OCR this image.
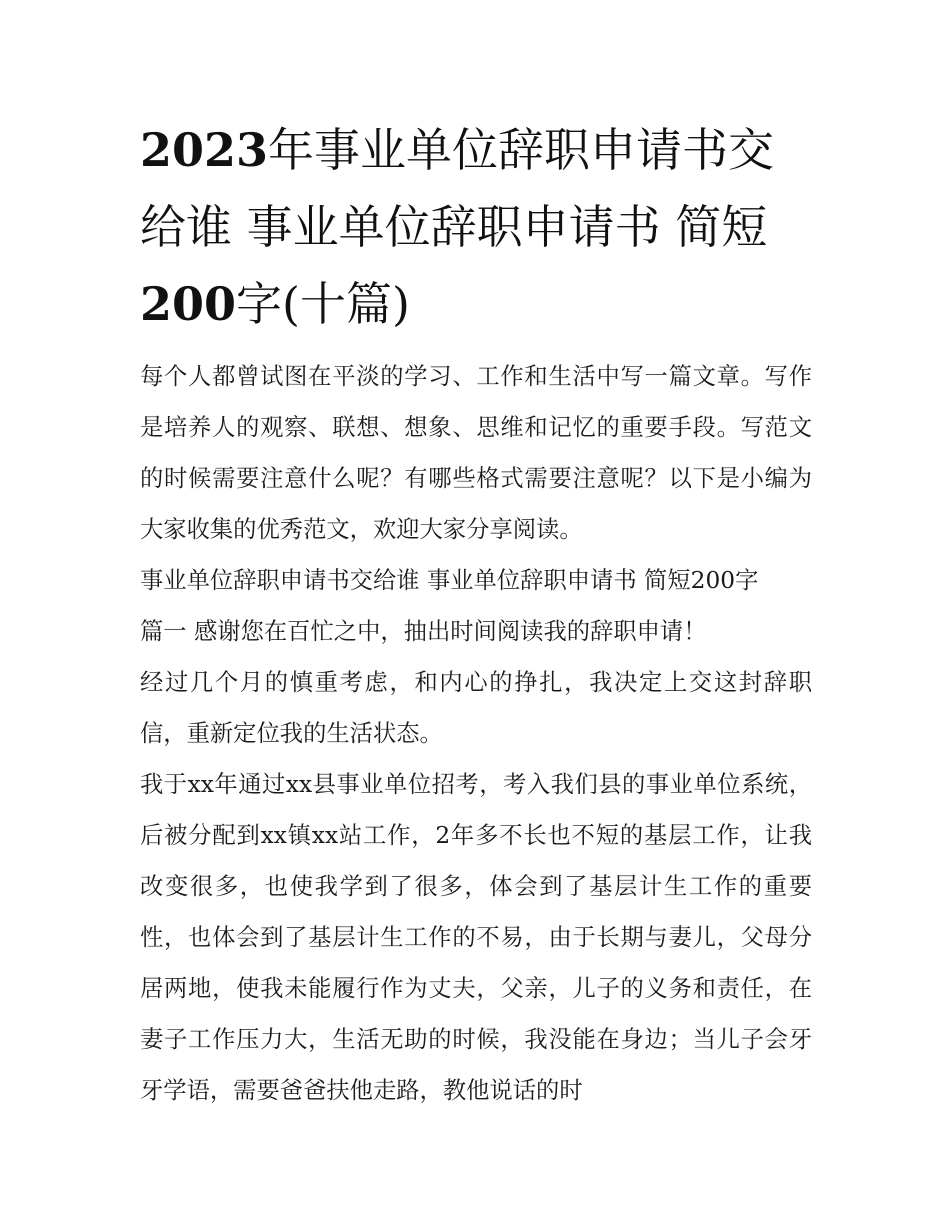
2023年事业单位辞职申请书交给谁 事业单位辞职申请书 简短200字(十篇)

每个人都曾试图在平淡的学习、工作和生活中写一篇文章。写作是培养人的观察、联想、想象、思维和记忆的重要手段。写范文的时候需要注意什么呢？有哪些格式需要注意呢？以下是小编为大家收集的优秀范文，欢迎大家分享阅读。

事业单位辞职申请书交给谁 事业单位辞职申请书 简短200字

篇一 感谢您在百忙之中，抽出时间阅读我的辞职申请！

经过几个月的慎重考虑，和内心的挣扎，我决定上交这封辞职信，重新定位我的生活状态。

我于xx年通过xx县事业单位招考，考入我们县的事业单位系统，后被分配到xx镇xx站工作，2年多不长也不短的基层工作，让我改变很多，也使我学到了很多，体会到了基层计生工作的重要性，也体会到了基层计生工作的不易，由于长期与妻儿，父母分居两地，使我未能履行作为丈夫，父亲，儿子的义务和责任，在妻子工作压力大，生活无助的时候，我没能在身边；当儿子会牙牙学语，需要爸爸扶他走路，教他说话的时
